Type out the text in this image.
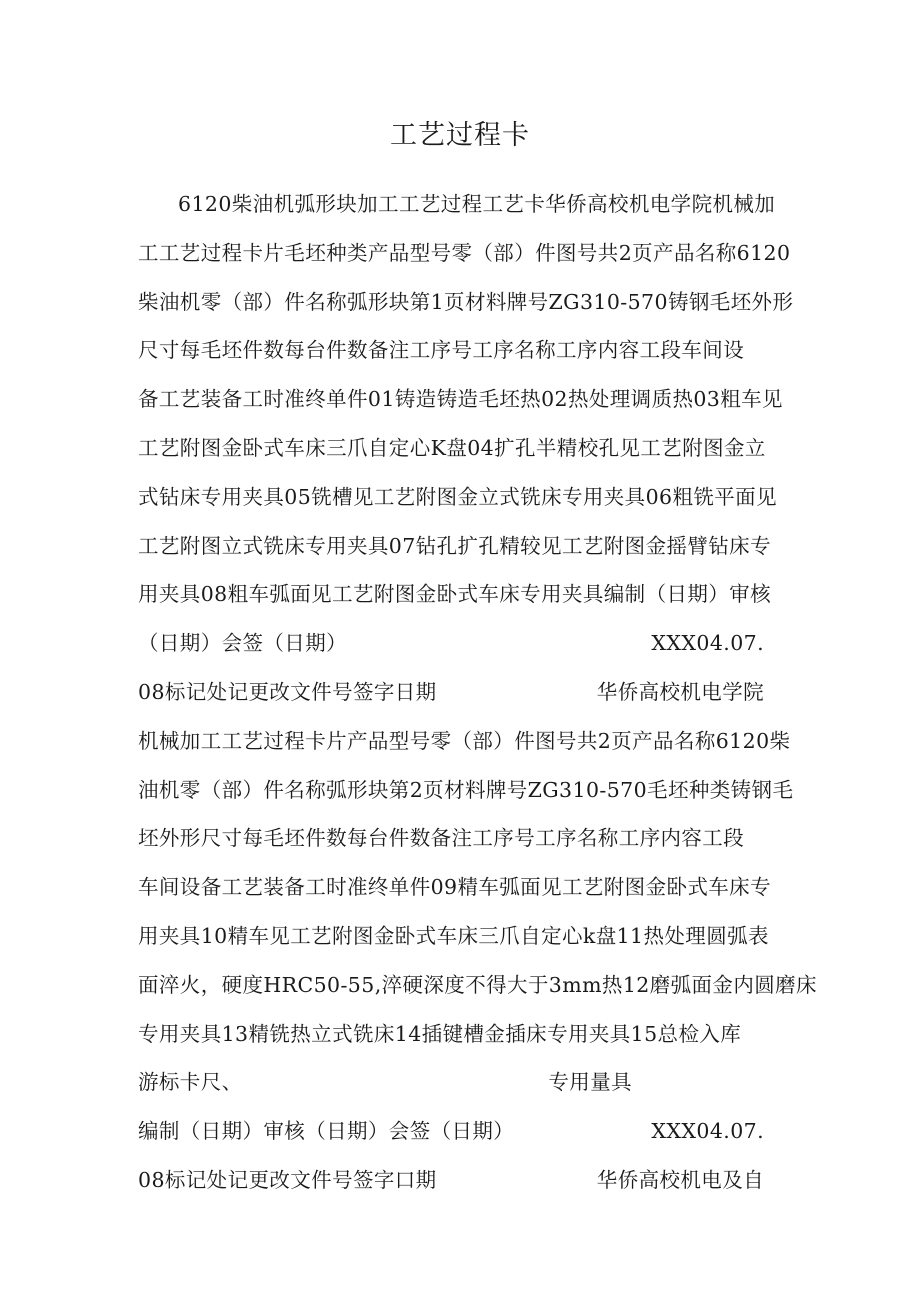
工艺过程卡
6120柴油机弧形块加工工艺过程工艺卡华侨高校机电学院机械加
工工艺过程卡片毛坯种类产品型号零（部）件图号共2页产品名称6120
柴油机零（部）件名称弧形块第1页材料牌号ZG310-570铸钢毛坯外形
尺寸每毛坯件数每台件数备注工序号工序名称工序内容工段车间设
备工艺装备工时准终单件01铸造铸造毛坯热02热处理调质热03粗车见
工艺附图金卧式车床三爪自定心K盘04扩孔半精校孔见工艺附图金立
式钻床专用夹具05铣槽见工艺附图金立式铣床专用夹具06粗铣平面见
工艺附图立式铣床专用夹具07钻孔扩孔精较见工艺附图金摇臂钻床专
用夹具08粗车弧面见工艺附图金卧式车床专用夹具编制（日期）审核
（日期）会签（日期）	XXX04.07.
08标记处记更改文件号签字日期	华侨高校机电学院
机械加工工艺过程卡片产品型号零（部）件图号共2页产品名称6120柴
油机零（部）件名称弧形块第2页材料牌号ZG310-570毛坯种类铸钢毛
坯外形尺寸每毛坯件数每台件数备注工序号工序名称工序内容工段
车间设备工艺装备工时准终单件09精车弧面见工艺附图金卧式车床专
用夹具10精车见工艺附图金卧式车床三爪自定心k盘11热处理圆弧表
面淬火，硬度HRC50-55,淬硬深度不得大于3mm热12磨弧面金内圆磨床
专用夹具13精铣热立式铣床14插键槽金插床专用夹具15总检入库
游标卡尺、	专用量具
编制（日期）审核（日期）会签（日期）	XXX04.07.
08标记处记更改文件号签字口期	华侨高校机电及自
